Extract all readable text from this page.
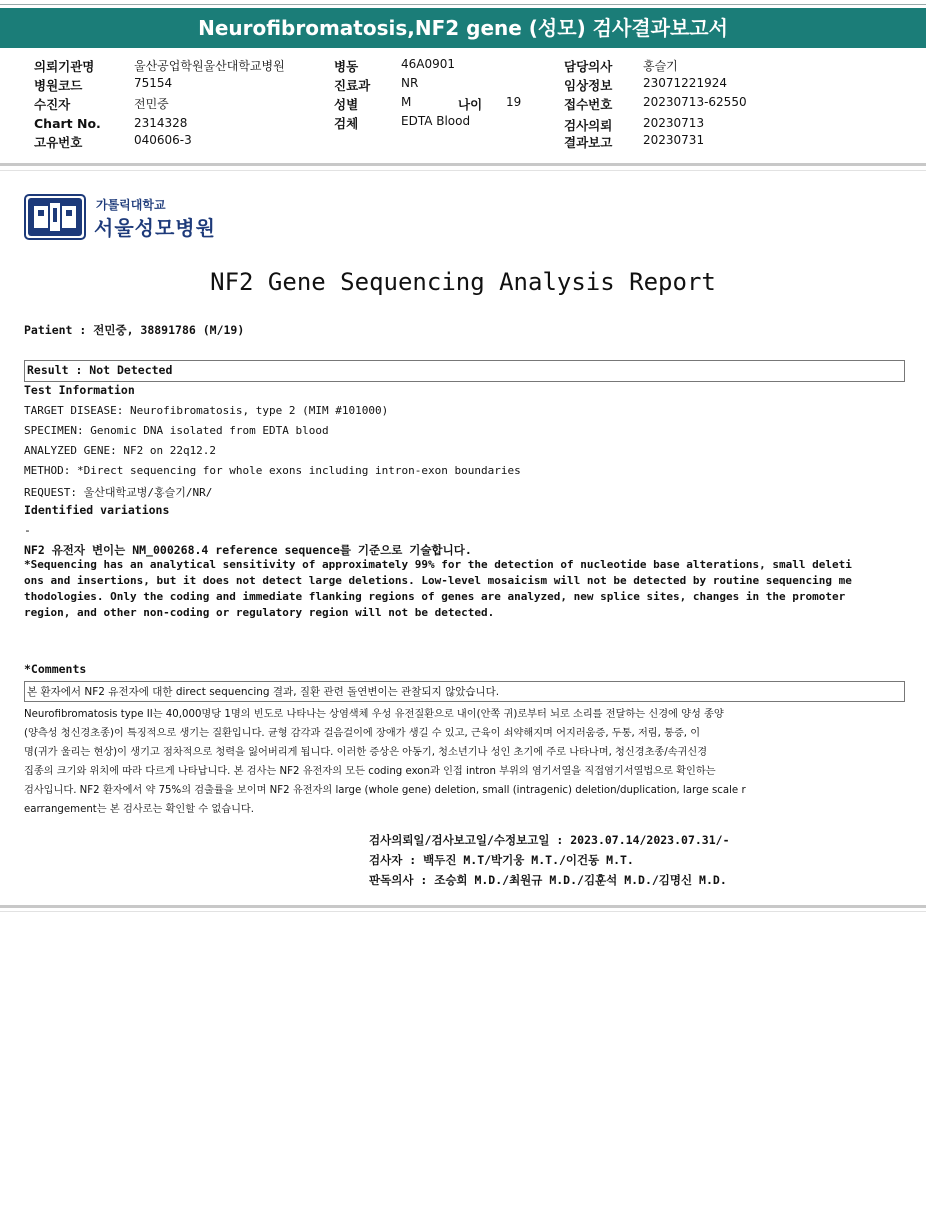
Neurofibromatosis,NF2 gene (성모) 검사결과보고서
의뢰기관명	울산공업학원울산대학교병원
병원코드	75154
수진자	전민중
Chart No.	2314328
고유번호	040606-3
병동	46A0901
진료과	NR
성별	M	나이 19
검체	EDTA Blood
담당의사	홍슬기
임상정보	23071221924
접수번호	20230713-62550
검사의뢰	20230713
결과보고	20230731
가톨릭대학교
서울성모병원
NF2 Gene Sequencing Analysis Report
Patient : 전민중, 38891786 (M/19)
Result : Not Detected
Test Information
TARGET DISEASE: Neurofibromatosis, type 2 (MIM #101000)
SPECIMEN: Genomic DNA isolated from EDTA blood
ANALYZED GENE: NF2 on 22q12.2
METHOD: *Direct sequencing for whole exons including intron-exon boundaries
REQUEST: 울산대학교병/홍슬기/NR/
Identified variations
-
NF2 유전자 변이는 NM_000268.4 reference sequence를 기준으로 기술합니다.
*Sequencing has an analytical sensitivity of approximately 99% for the detection of nucleotide base alterations, small deleti
ons and insertions, but it does not detect large deletions. Low-level mosaicism will not be detected by routine sequencing me
thodologies. Only the coding and immediate flanking regions of genes are analyzed, new splice sites, changes in the promoter
region, and other non-coding or regulatory region will not be detected.
*Comments
본 환자에서 NF2 유전자에 대한 direct sequencing 결과, 질환 관련 돌연변이는 관찰되지 않았습니다.
Neurofibromatosis type II는 40,000명당 1명의 빈도로 나타나는 상염색체 우성 유전질환으로 내이(안쪽 귀)로부터 뇌로 소리를 전달하는 신경에 양성 종양
(양측성 청신경초종)이 특징적으로 생기는 질환입니다. 균형 감각과 걸음걸이에 장애가 생길 수 있고, 근육이 쇠약해지며 어지러움증, 두통, 저림, 통증, 이
명(귀가 울리는 현상)이 생기고 점차적으로 청력을 잃어버리게 됩니다. 이러한 증상은 아동기, 청소년기나 성인 초기에 주로 나타나며, 청신경초종/속귀신경
집종의 크기와 위치에 따라 다르게 나타납니다. 본 검사는 NF2 유전자의 모든 coding exon과 인접 intron 부위의 염기서열을 직접염기서열법으로 확인하는
검사입니다. NF2 환자에서 약 75%의 검출률을 보이며 NF2 유전자의 large (whole gene) deletion, small (intragenic) deletion/duplication, large scale r
earrangement는 본 검사로는 확인할 수 없습니다.
검사의뢰일/검사보고일/수정보고일 : 2023.07.14/2023.07.31/-
검사자 : 백두진 M.T/박기웅 M.T./이건동 M.T.
판독의사 : 조승희 M.D./최원규 M.D./김훈석 M.D./김명신 M.D.
